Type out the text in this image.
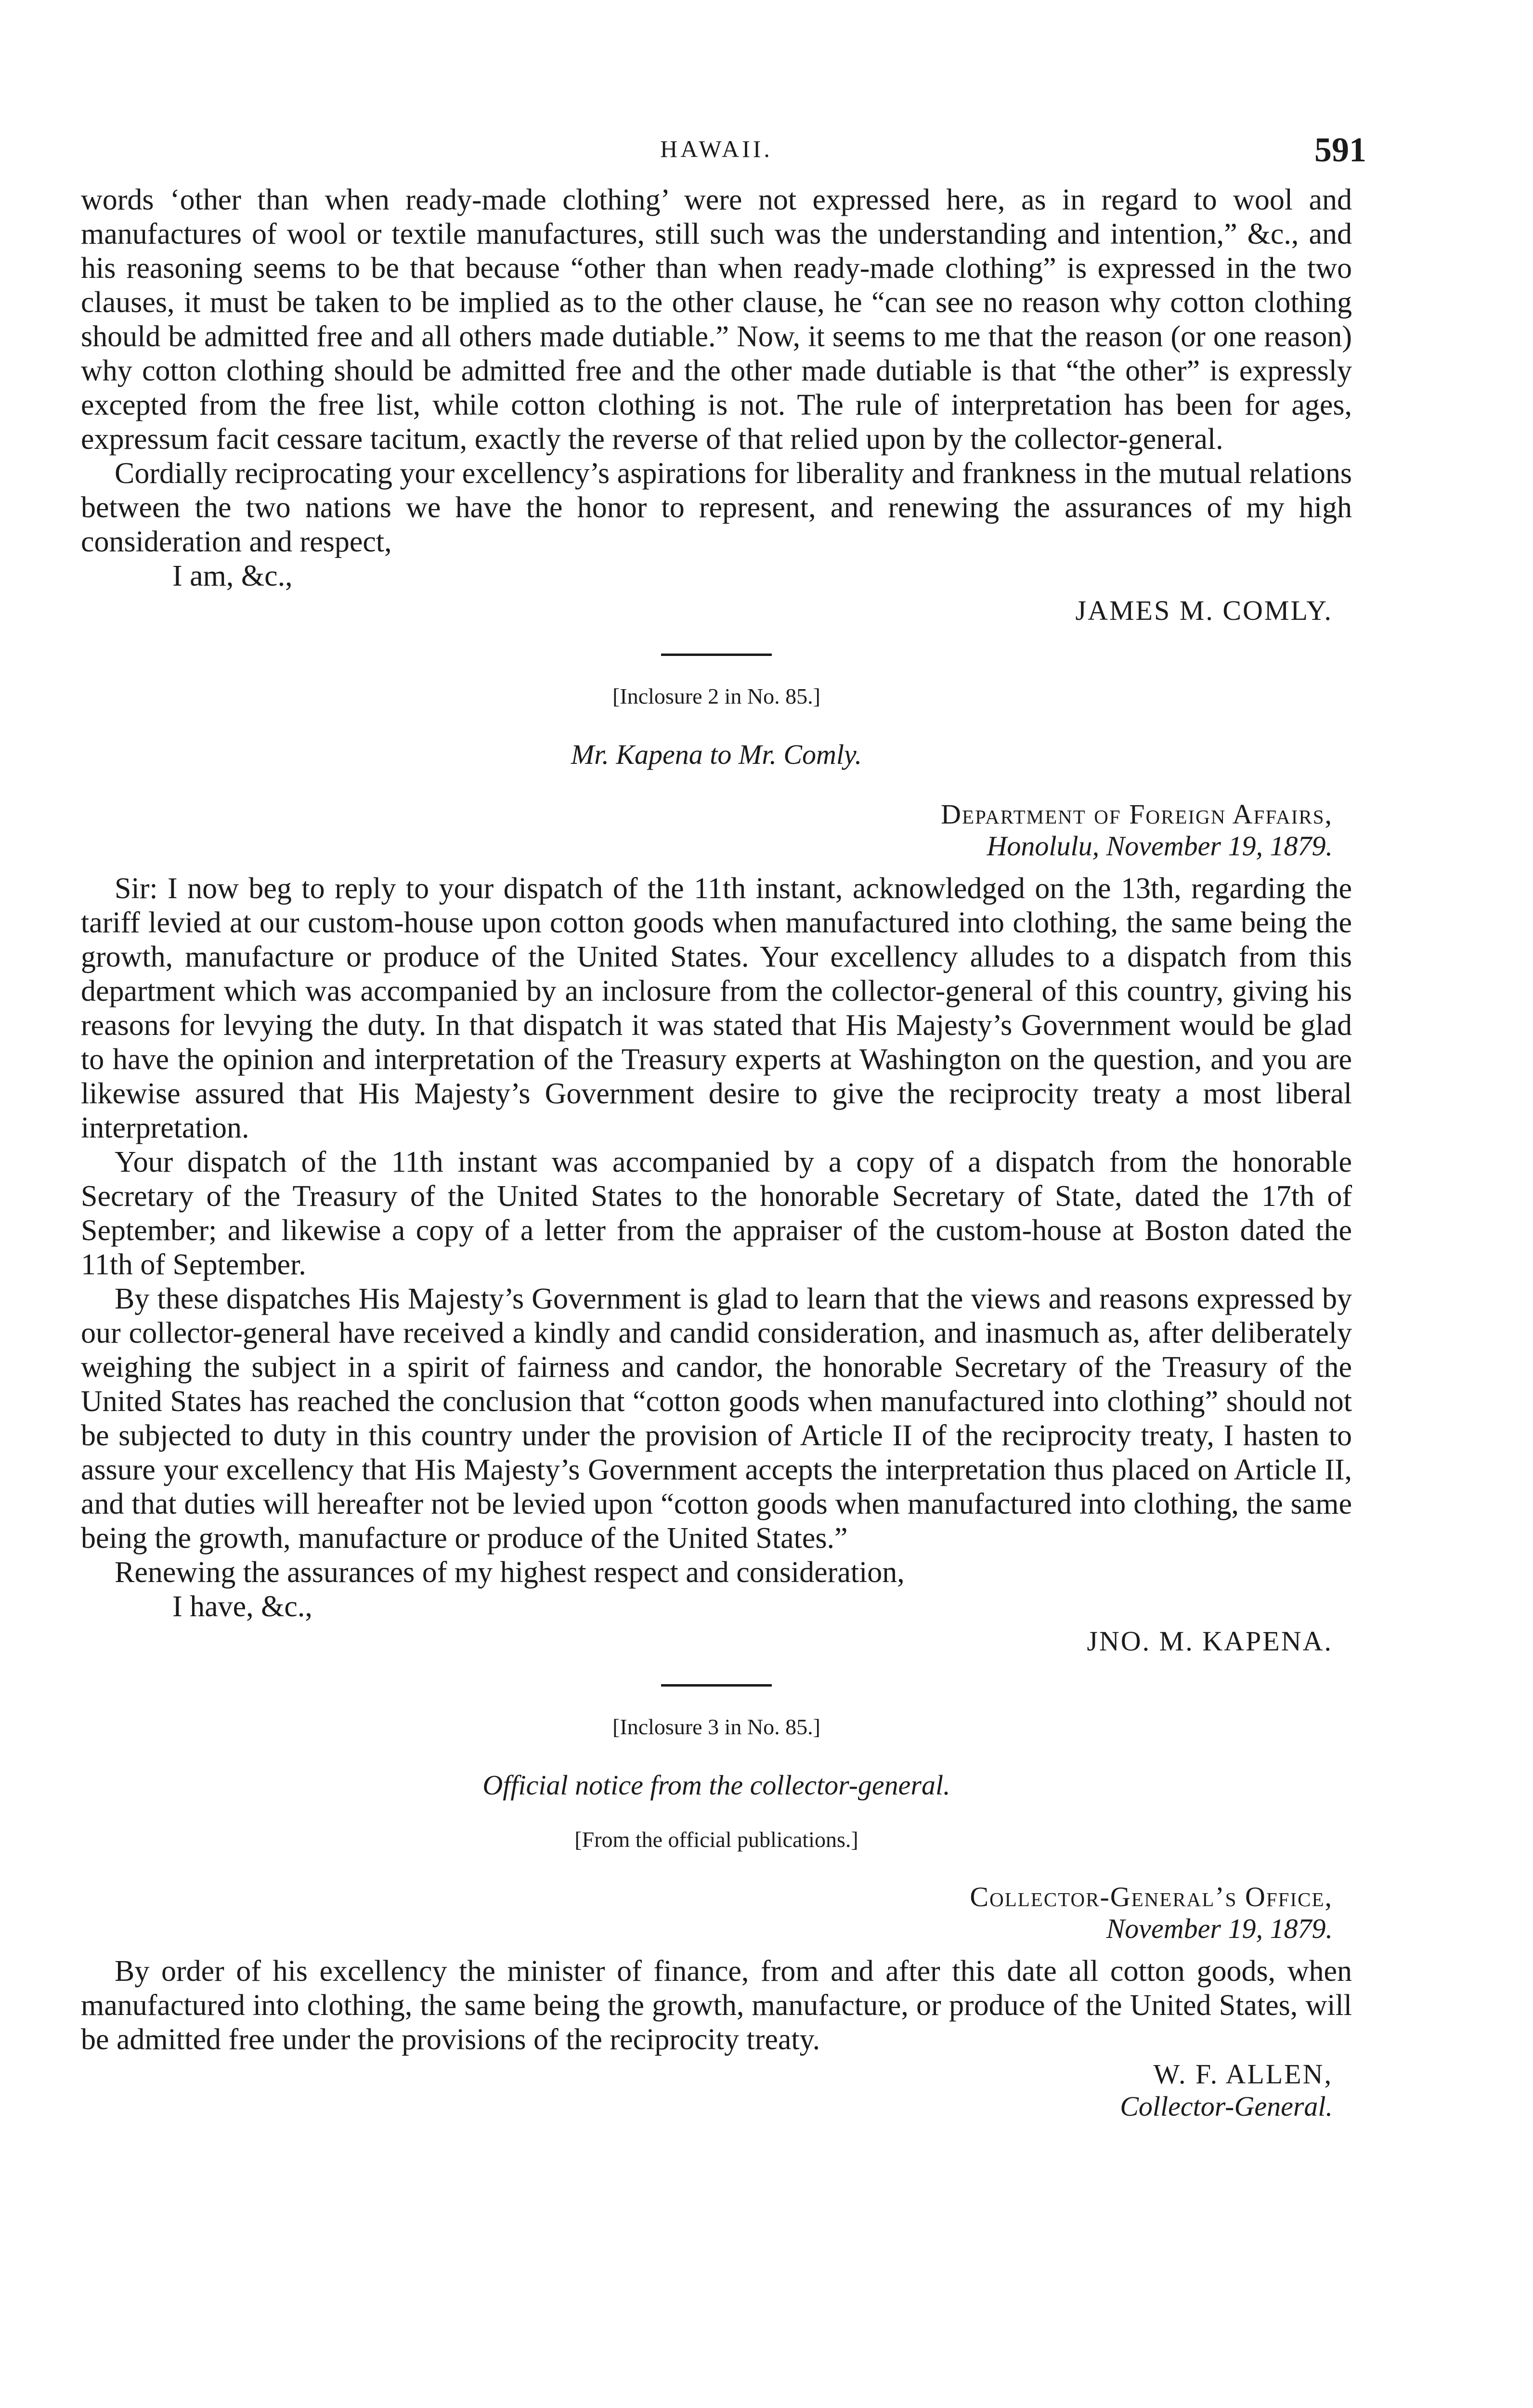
HAWAII.	591

words ‘other than when ready-made clothing’ were not expressed here, as in regard to wool and manufactures of wool or textile manufactures, still such was the understanding and intention,” &c., and his reasoning seems to be that because “other than when ready-made clothing” is expressed in the two clauses, it must be taken to be implied as to the other clause, he “can see no reason why cotton clothing should be admitted free and all others made dutiable.” Now, it seems to me that the reason (or one reason) why cotton clothing should be admitted free and the other made dutiable is that “the other” is expressly excepted from the free list, while cotton clothing is not. The rule of interpretation has been for ages, expressum facit cessare tacitum, exactly the reverse of that relied upon by the collector-general.

Cordially reciprocating your excellency’s aspirations for liberality and frankness in the mutual relations between the two nations we have the honor to represent, and renewing the assurances of my high consideration and respect,

I am, &c.,
JAMES M. COMLY.
[Inclosure 2 in No. 85.]
Mr. Kapena to Mr. Comly.
Department of Foreign Affairs,
Honolulu, November 19, 1879.

Sir: I now beg to reply to your dispatch of the 11th instant, acknowledged on the 13th, regarding the tariff levied at our custom-house upon cotton goods when manufactured into clothing, the same being the growth, manufacture or produce of the United States. Your excellency alludes to a dispatch from this department which was accompanied by an inclosure from the collector-general of this country, giving his reasons for levying the duty. In that dispatch it was stated that His Majesty’s Government would be glad to have the opinion and interpretation of the Treasury experts at Washington on the question, and you are likewise assured that His Majesty’s Government desire to give the reciprocity treaty a most liberal interpretation.

Your dispatch of the 11th instant was accompanied by a copy of a dispatch from the honorable Secretary of the Treasury of the United States to the honorable Secretary of State, dated the 17th of September; and likewise a copy of a letter from the appraiser of the custom-house at Boston dated the 11th of September.

By these dispatches His Majesty’s Government is glad to learn that the views and reasons expressed by our collector-general have received a kindly and candid consideration, and inasmuch as, after deliberately weighing the subject in a spirit of fairness and candor, the honorable Secretary of the Treasury of the United States has reached the conclusion that “cotton goods when manufactured into clothing” should not be subjected to duty in this country under the provision of Article II of the reciprocity treaty, I hasten to assure your excellency that His Majesty’s Government accepts the interpretation thus placed on Article II, and that duties will hereafter not be levied upon “cotton goods when manufactured into clothing, the same being the growth, manufacture or produce of the United States.”

Renewing the assurances of my highest respect and consideration,

I have, &c.,
JNO. M. KAPENA.
[Inclosure 3 in No. 85.]
Official notice from the collector-general.
[From the official publications.]
Collector-General’s Office,
November 19, 1879.

By order of his excellency the minister of finance, from and after this date all cotton goods, when manufactured into clothing, the same being the growth, manufacture, or produce of the United States, will be admitted free under the provisions of the reciprocity treaty.

W. F. ALLEN,
Collector-General.
